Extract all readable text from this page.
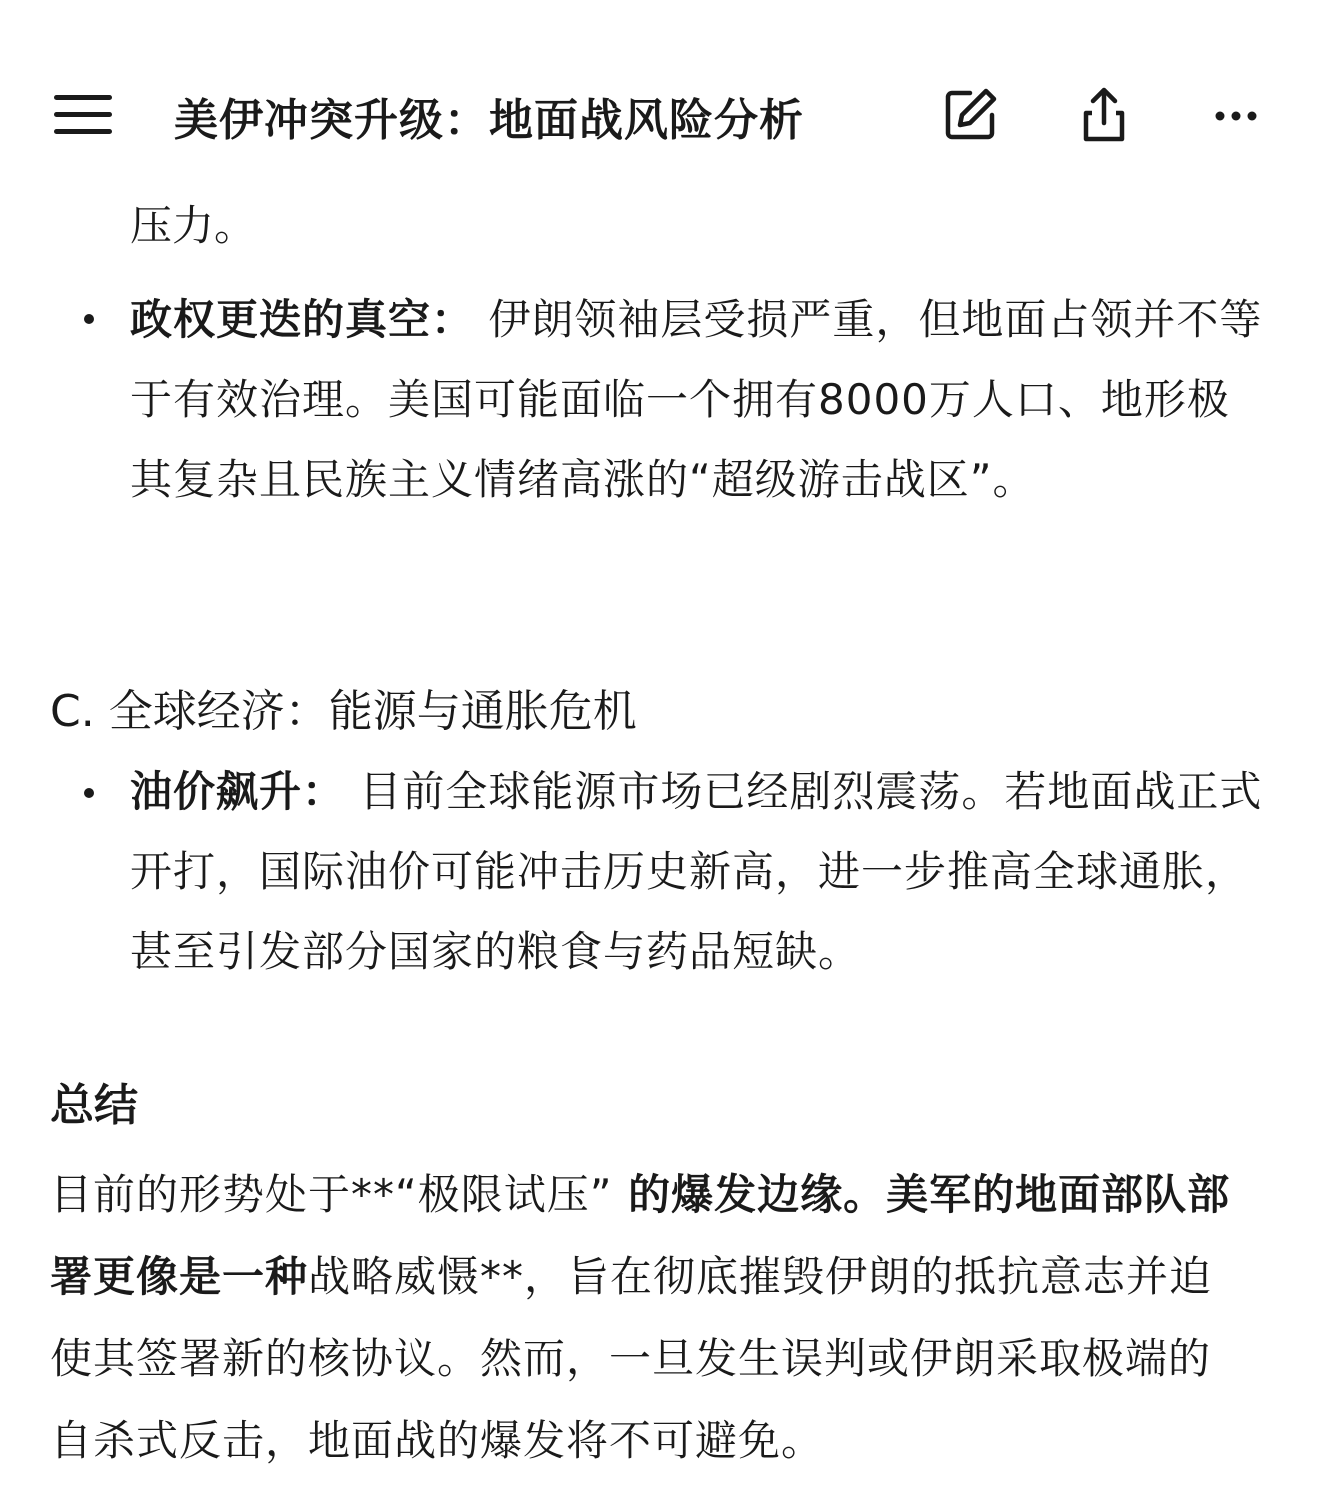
压力。
政权更迭的真空： 伊朗领袖层受损严重，但地面占领并不等于有效治理。美国可能面临一个拥有8000万人口、地形极其复杂且民族主义情绪高涨的“超级游击战区”。
C. 全球经济：能源与通胀危机
油价飙升： 目前全球能源市场已经剧烈震荡。若地面战正式开打，国际油价可能冲击历史新高，进一步推高全球通胀，甚至引发部分国家的粮食与药品短缺。
总结
目前的形势处于**“极限试压” 的爆发边缘。美军的地面部队部署更像是一种战略威慑**，旨在彻底摧毁伊朗的抵抗意志并迫使其签署新的核协议。然而，一旦发生误判或伊朗采取极端的自杀式反击，地面战的爆发将不可避免。
美伊冲突升级：地面战风险分析
